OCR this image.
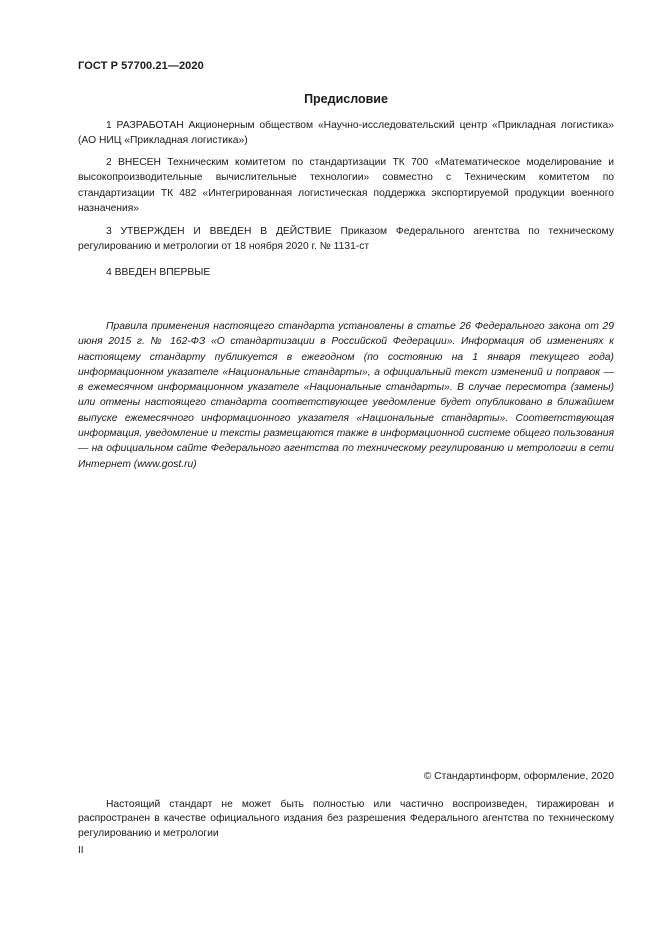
ГОСТ Р 57700.21—2020
Предисловие

1 РАЗРАБОТАН Акционерным обществом «Научно-исследовательский центр «Прикладная логистика» (АО НИЦ «Прикладная логистика»)

2 ВНЕСЕН Техническим комитетом по стандартизации ТК 700 «Математическое моделирование и высокопроизводительные вычислительные технологии» совместно с Техническим комитетом по стандартизации ТК 482 «Интегрированная логистическая поддержка экспортируемой продукции военного назначения»

3 УТВЕРЖДЕН И ВВЕДЕН В ДЕЙСТВИЕ Приказом Федерального агентства по техническому регулированию и метрологии от 18 ноября 2020 г. № 1131-ст

4 ВВЕДЕН ВПЕРВЫЕ

Правила применения настоящего стандарта установлены в статье 26 Федерального закона от 29 июня 2015 г. № 162-ФЗ «О стандартизации в Российской Федерации». Информация об изменениях к настоящему стандарту публикуется в ежегодном (по состоянию на 1 января текущего года) информационном указателе «Национальные стандарты», а официальный текст изменений и поправок — в ежемесячном информационном указателе «Национальные стандарты». В случае пересмотра (замены) или отмены настоящего стандарта соответствующее уведомление будет опубликовано в ближайшем выпуске ежемесячного информационного указателя «Национальные стандарты». Соответствующая информация, уведомление и тексты размещаются также в информационной системе общего пользования — на официальном сайте Федерального агентства по техническому регулированию и метрологии в сети Интернет (www.gost.ru)

© Стандартинформ, оформление, 2020

Настоящий стандарт не может быть полностью или частично воспроизведен, тиражирован и распространен в качестве официального издания без разрешения Федерального агентства по техническому регулированию и метрологии

II
